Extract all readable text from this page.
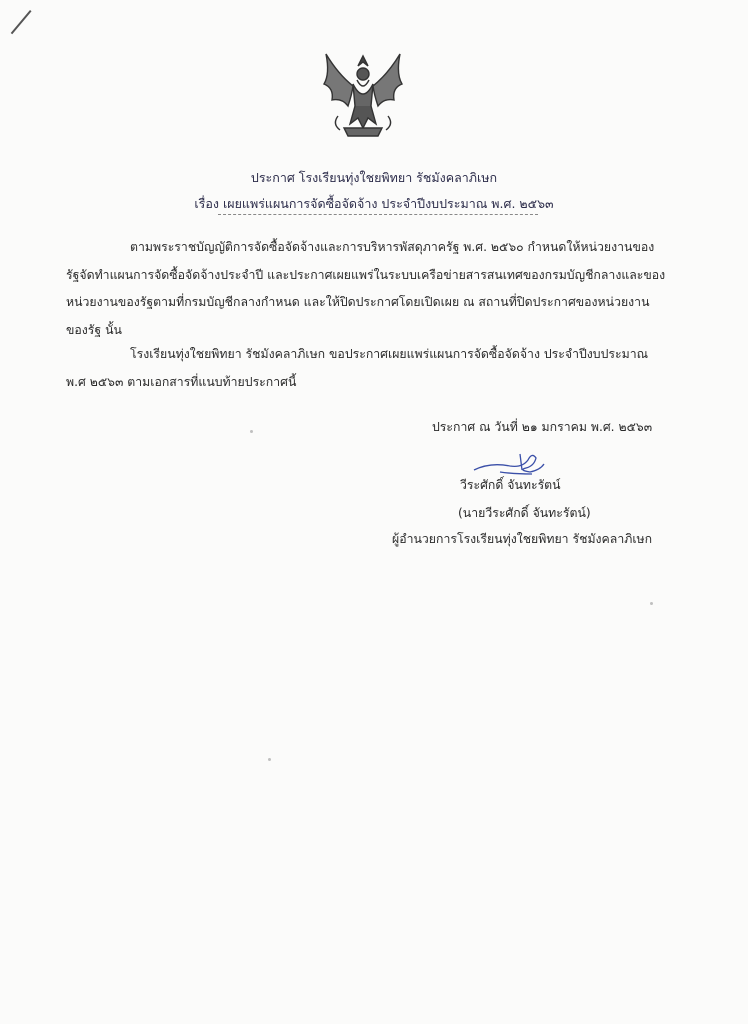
ประกาศ โรงเรียนทุ่งใชยพิทยา รัชมังคลาภิเษก
เรื่อง เผยแพร่แผนการจัดซื้อจัดจ้าง ประจำปีงบประมาณ พ.ศ. ๒๕๖๓
ตามพระราชบัญญัติการจัดซื้อจัดจ้างและการบริหารพัสดุภาครัฐ พ.ศ. ๒๕๖๐ กำหนดให้หน่วยงานของรัฐจัดทำแผนการจัดซื้อจัดจ้างประจำปี และประกาศเผยแพร่ในระบบเครือข่ายสารสนเทศของกรมบัญชีกลางและของหน่วยงานของรัฐตามที่กรมบัญชีกลางกำหนด และให้ปิดประกาศโดยเปิดเผย ณ สถานที่ปิดประกาศของหน่วยงานของรัฐ นั้น
โรงเรียนทุ่งใชยพิทยา รัชมังคลาภิเษก ขอประกาศเผยแพร่แผนการจัดซื้อจัดจ้าง ประจำปีงบประมาณ พ.ศ ๒๕๖๓ ตามเอกสารที่แนบท้ายประกาศนี้
ประกาศ ณ วันที่ ๒๑ มกราคม พ.ศ. ๒๕๖๓
วีระศักดิ์ จันทะรัตน์
(นายวีระศักดิ์ จันทะรัตน์)
ผู้อำนวยการโรงเรียนทุ่งใชยพิทยา รัชมังคลาภิเษก
